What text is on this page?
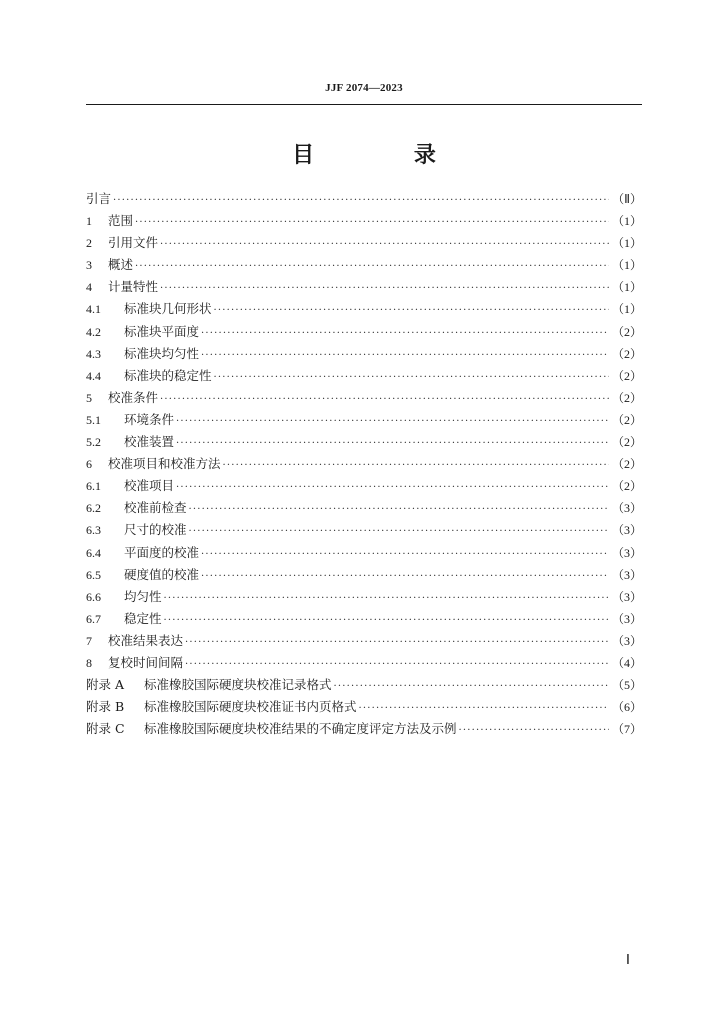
JJF 2074—2023
目 录
引言 ·····	（Ⅱ）
1 范围 ·····	（1）
2 引用文件 ·····	（1）
3 概述 ·····	（1）
4 计量特性 ·····	（1）
4.1 标准块几何形状 ·····	（1）
4.2 标准块平面度 ·····	（2）
4.3 标准块均匀性 ·····	（2）
4.4 标准块的稳定性 ·····	（2）
5 校准条件 ·····	（2）
5.1 环境条件 ·····	（2）
5.2 校准装置 ·····	（2）
6 校准项目和校准方法 ·····	（2）
6.1 校准项目 ·····	（2）
6.2 校准前检查 ·····	（3）
6.3 尺寸的校准 ·····	（3）
6.4 平面度的校准 ·····	（3）
6.5 硬度值的校准 ·····	（3）
6.6 均匀性 ·····	（3）
6.7 稳定性 ·····	（3）
7 校准结果表达 ·····	（3）
8 复校时间间隔 ·····	（4）
附录 A 标准橡胶国际硬度块校准记录格式 ·····	（5）
附录 B 标准橡胶国际硬度块校准证书内页格式 ·····	（6）
附录 C 标准橡胶国际硬度块校准结果的不确定度评定方法及示例 ·····	（7）
Ⅰ
